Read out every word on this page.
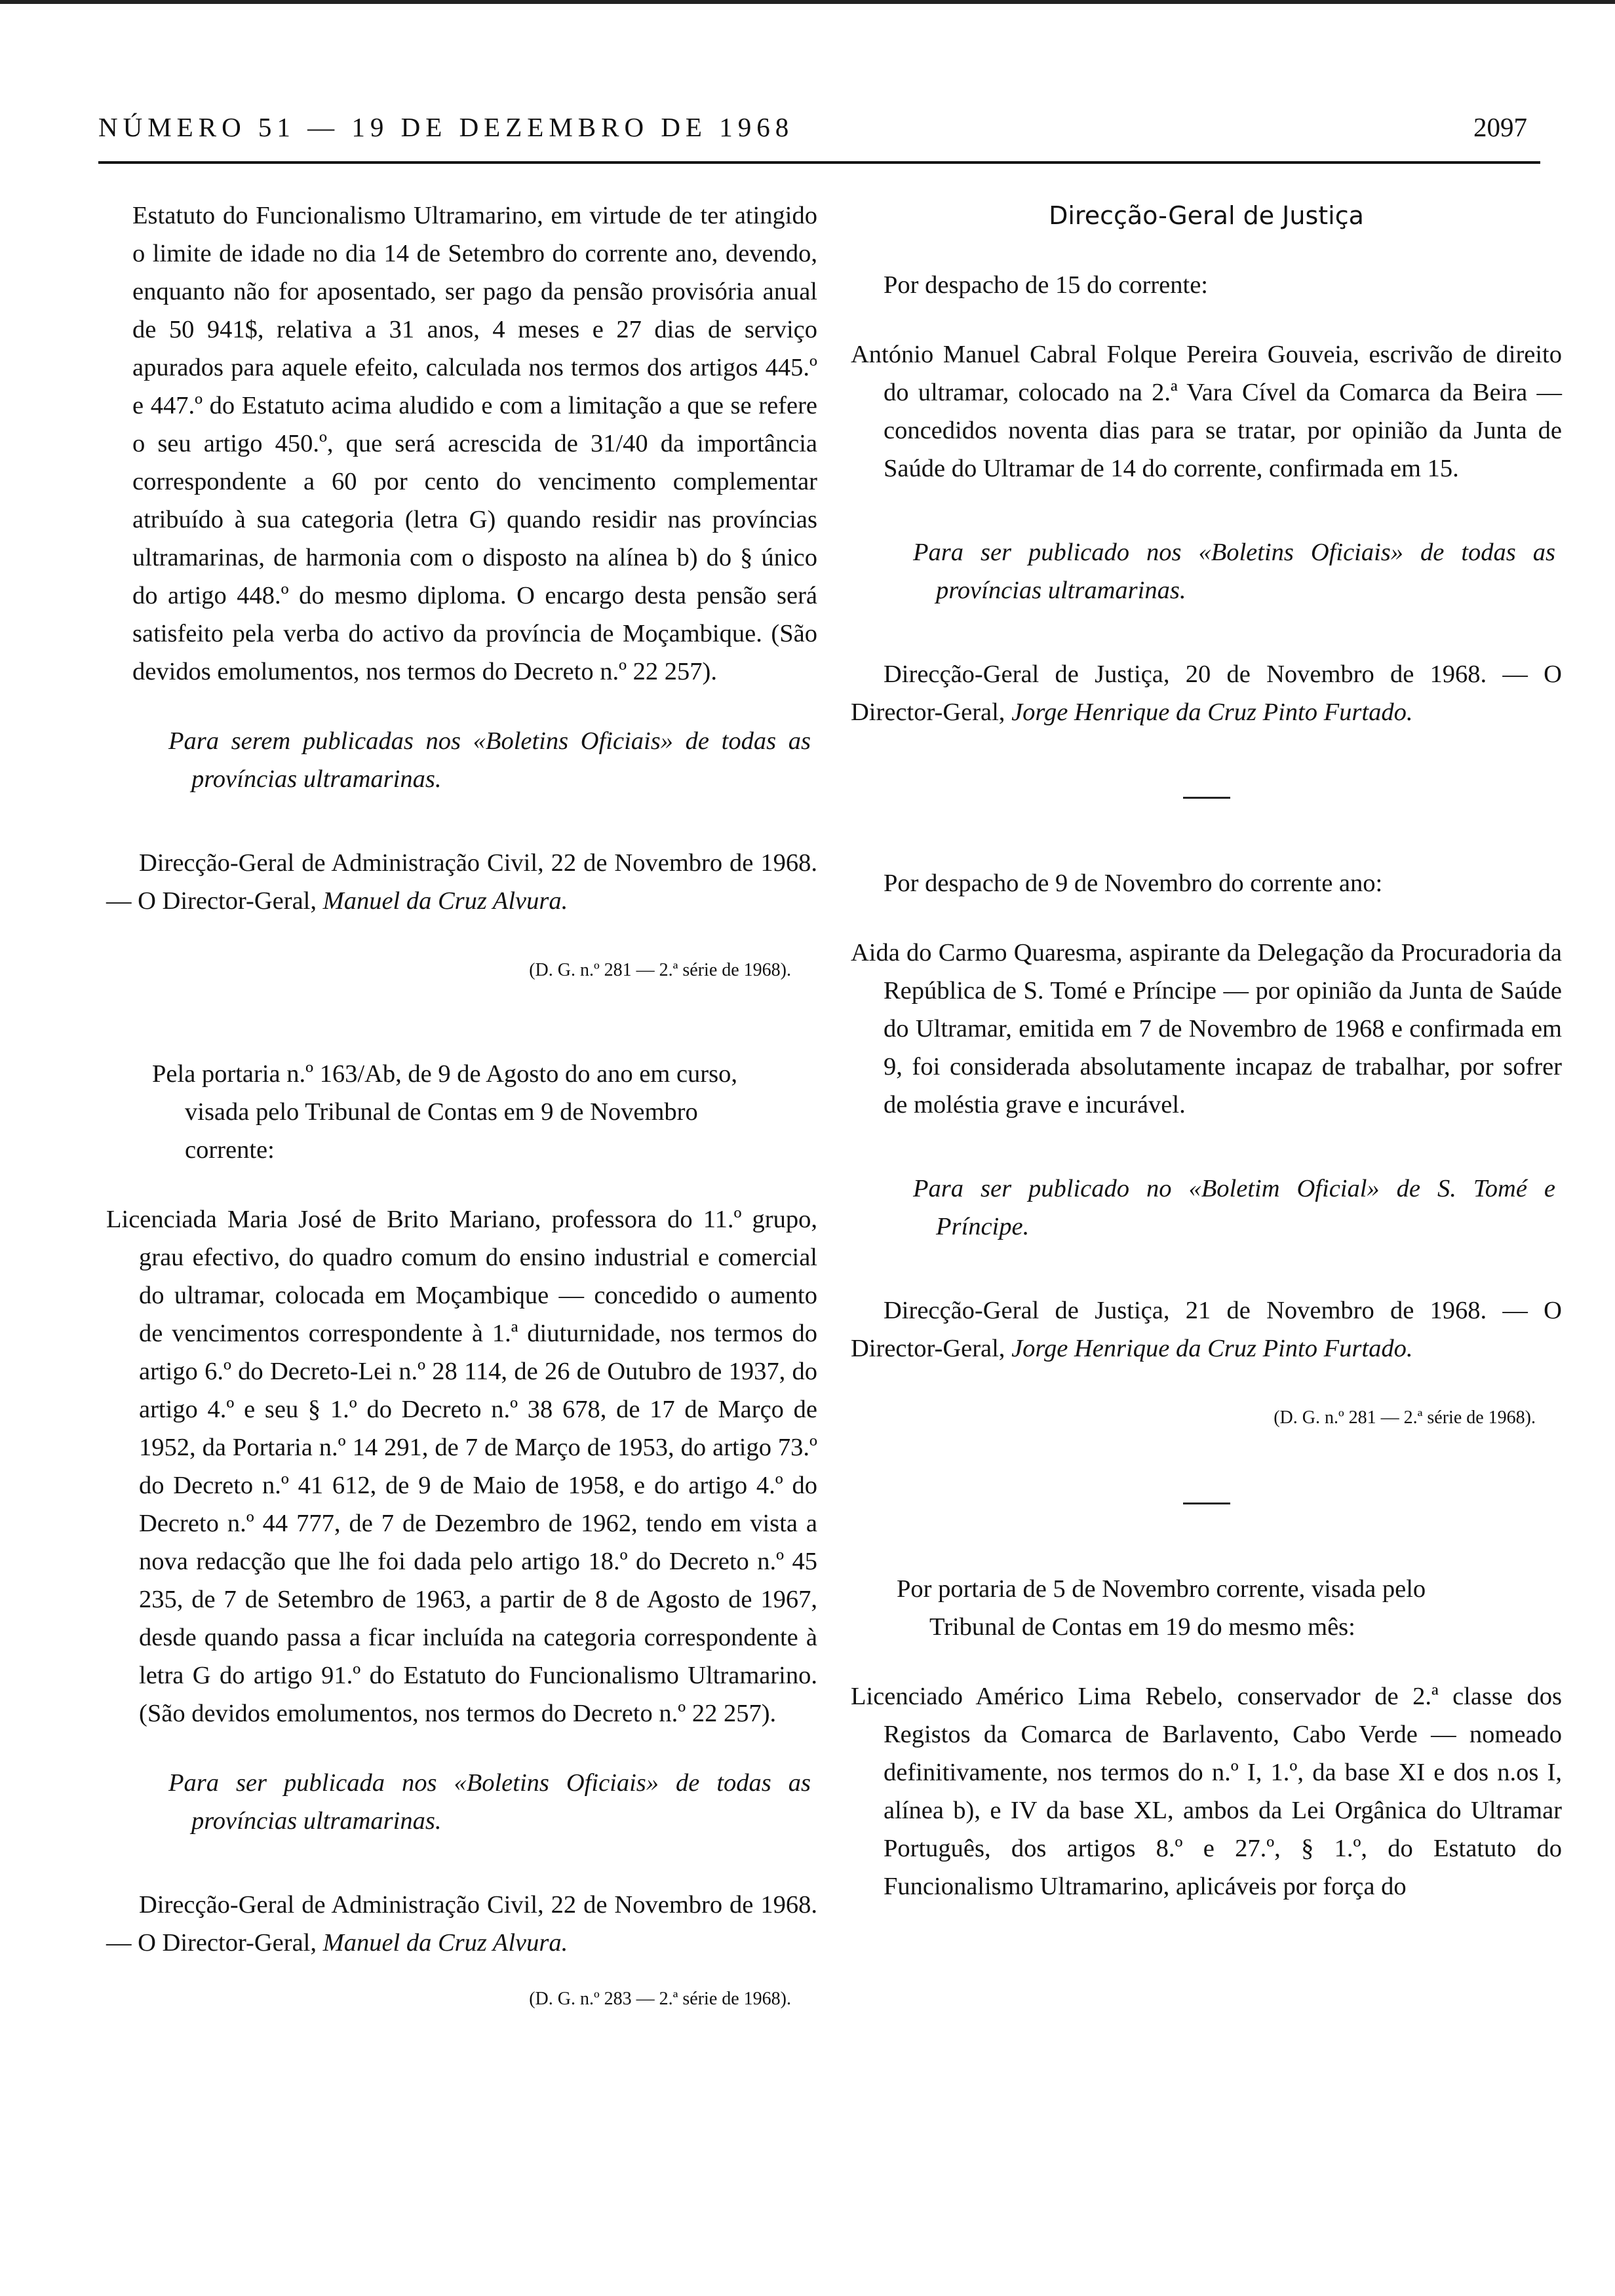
NÚMERO 51 — 19 DE DEZEMBRO DE 1968	2097

Estatuto do Funcionalismo Ultramarino, em virtude de ter atingido o limite de idade no dia 14 de Setembro do corrente ano, devendo, enquanto não for aposentado, ser pago da pensão provisória anual de 50 941$, relativa a 31 anos, 4 meses e 27 dias de serviço apurados para aquele efeito, calculada nos termos dos artigos 445.º e 447.º do Estatuto acima aludido e com a limitação a que se refere o seu artigo 450.º, que será acrescida de 31/40 da importância correspondente a 60 por cento do vencimento complementar atribuído à sua categoria (letra G) quando residir nas províncias ultramarinas, de harmonia com o disposto na alínea b) do § único do artigo 448.º do mesmo diploma. O encargo desta pensão será satisfeito pela verba do activo da província de Moçambique. (São devidos emolumentos, nos termos do Decreto n.º 22 257).

Para serem publicadas nos «Boletins Oficiais» de todas as províncias ultramarinas.

Direcção-Geral de Administração Civil, 22 de Novembro de 1968. — O Director-Geral, Manuel da Cruz Alvura.

(D. G. n.º 281 — 2.ª série de 1968).

Pela portaria n.º 163/Ab, de 9 de Agosto do ano em curso, visada pelo Tribunal de Contas em 9 de Novembro corrente:

Licenciada Maria José de Brito Mariano, professora do 11.º grupo, grau efectivo, do quadro comum do ensino industrial e comercial do ultramar, colocada em Moçambique — concedido o aumento de vencimentos correspondente à 1.ª diuturnidade, nos termos do artigo 6.º do Decreto-Lei n.º 28 114, de 26 de Outubro de 1937, do artigo 4.º e seu § 1.º do Decreto n.º 38 678, de 17 de Março de 1952, da Portaria n.º 14 291, de 7 de Março de 1953, do artigo 73.º do Decreto n.º 41 612, de 9 de Maio de 1958, e do artigo 4.º do Decreto n.º 44 777, de 7 de Dezembro de 1962, tendo em vista a nova redacção que lhe foi dada pelo artigo 18.º do Decreto n.º 45 235, de 7 de Setembro de 1963, a partir de 8 de Agosto de 1967, desde quando passa a ficar incluída na categoria correspondente à letra G do artigo 91.º do Estatuto do Funcionalismo Ultramarino. (São devidos emolumentos, nos termos do Decreto n.º 22 257).

Para ser publicada nos «Boletins Oficiais» de todas as províncias ultramarinas.

Direcção-Geral de Administração Civil, 22 de Novembro de 1968. — O Director-Geral, Manuel da Cruz Alvura.

(D. G. n.º 283 — 2.ª série de 1968).

Direcção-Geral de Justiça

Por despacho de 15 do corrente:

António Manuel Cabral Folque Pereira Gouveia, escrivão de direito do ultramar, colocado na 2.ª Vara Cível da Comarca da Beira — concedidos noventa dias para se tratar, por opinião da Junta de Saúde do Ultramar de 14 do corrente, confirmada em 15.

Para ser publicado nos «Boletins Oficiais» de todas as províncias ultramarinas.

Direcção-Geral de Justiça, 20 de Novembro de 1968. — O Director-Geral, Jorge Henrique da Cruz Pinto Furtado.

Por despacho de 9 de Novembro do corrente ano:

Aida do Carmo Quaresma, aspirante da Delegação da Procuradoria da República de S. Tomé e Príncipe — por opinião da Junta de Saúde do Ultramar, emitida em 7 de Novembro de 1968 e confirmada em 9, foi considerada absolutamente incapaz de trabalhar, por sofrer de moléstia grave e incurável.

Para ser publicado no «Boletim Oficial» de S. Tomé e Príncipe.

Direcção-Geral de Justiça, 21 de Novembro de 1968. — O Director-Geral, Jorge Henrique da Cruz Pinto Furtado.

(D. G. n.º 281 — 2.ª série de 1968).

Por portaria de 5 de Novembro corrente, visada pelo Tribunal de Contas em 19 do mesmo mês:

Licenciado Américo Lima Rebelo, conservador de 2.ª classe dos Registos da Comarca de Barlavento, Cabo Verde — nomeado definitivamente, nos termos do n.º I, 1.º, da base XI e dos n.os I, alínea b), e IV da base XL, ambos da Lei Orgânica do Ultramar Português, dos artigos 8.º e 27.º, § 1.º, do Estatuto do Funcionalismo Ultramarino, aplicáveis por força do
